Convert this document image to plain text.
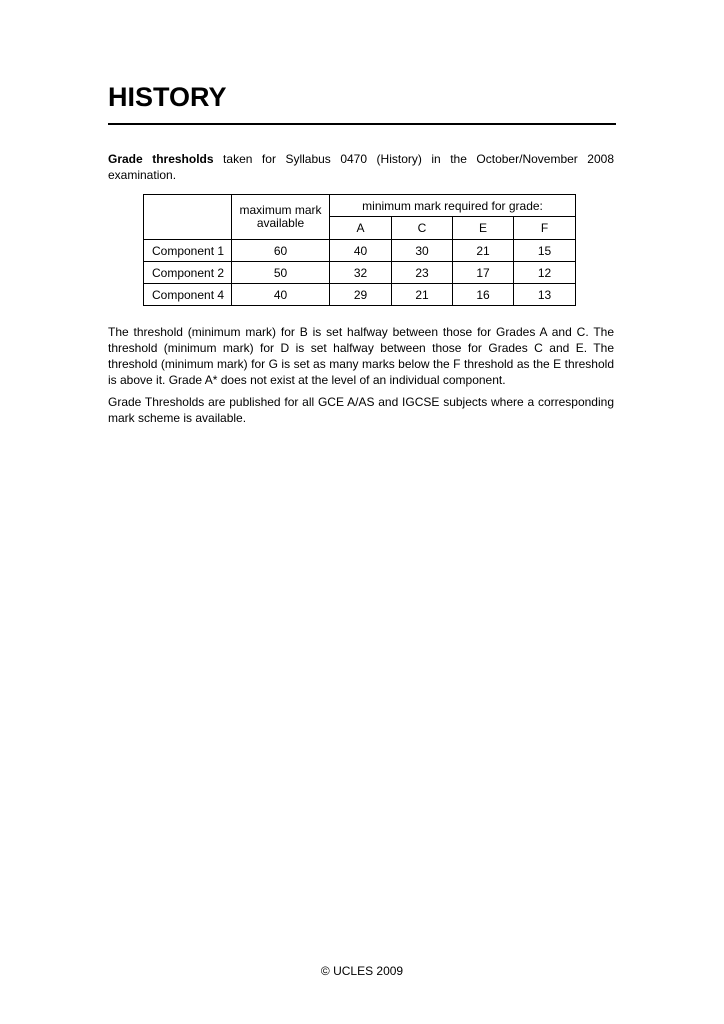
HISTORY

Grade thresholds taken for Syllabus 0470 (History) in the October/November 2008 examination.

	maximum mark available	minimum mark required for grade:			
		A	C	E	F
Component 1	60	40	30	21	15
Component 2	50	32	23	17	12
Component 4	40	29	21	16	13

The threshold (minimum mark) for B is set halfway between those for Grades A and C. The threshold (minimum mark) for D is set halfway between those for Grades C and E. The threshold (minimum mark) for G is set as many marks below the F threshold as the E threshold is above it. Grade A* does not exist at the level of an individual component.

Grade Thresholds are published for all GCE A/AS and IGCSE subjects where a corresponding mark scheme is available.

© UCLES 2009
